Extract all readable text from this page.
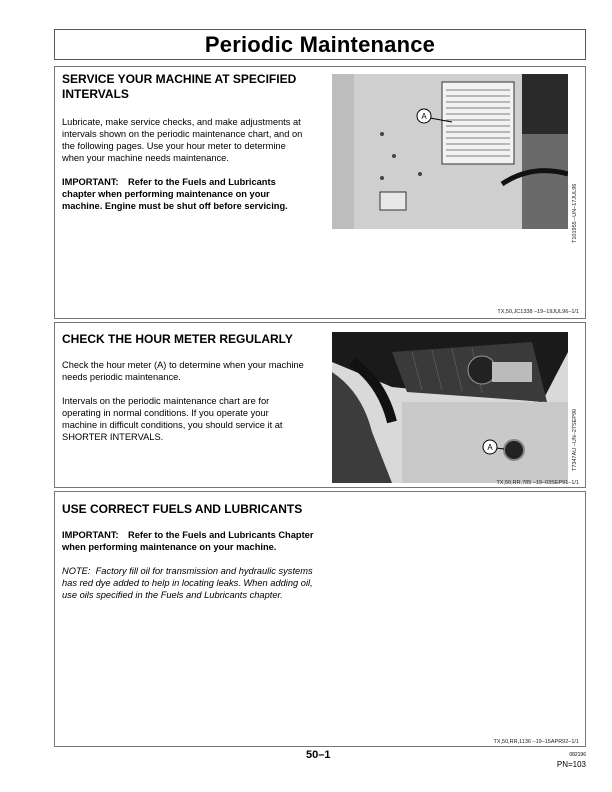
Periodic Maintenance

SERVICE YOUR MACHINE AT SPECIFIED INTERVALS

Lubricate, make service checks, and make adjustments at intervals shown on the periodic maintenance chart, and on the following pages. Use your hour meter to determine when your machine needs maintenance.

IMPORTANT: Refer to the Fuels and Lubricants chapter when performing maintenance on your machine. Engine must be shut off before servicing.

A
T101955 –UN–17JUL96
TX,50,JC1338 –19–19JUL96–1/1

CHECK THE HOUR METER REGULARLY

Check the hour meter (A) to determine when your machine needs periodic maintenance.

Intervals on the periodic maintenance chart are for operating in normal conditions. If you operate your machine in difficult conditions, you should service it at SHORTER INTERVALS.

A	T7347AU –UN–27SEP90
TX,50,RR,785 –19–03SEP91–1/1

USE CORRECT FUELS AND LUBRICANTS

IMPORTANT: Refer to the Fuels and Lubricants Chapter when performing maintenance on your machine.

NOTE: Factory fill oil for transmission and hydraulic systems has red dye added to help in locating leaks. When adding oil, use oils specified in the Fuels and Lubricants chapter.

TX,50,RR,1136 –19–15APR92–1/1
50–1	082196
PN=103
